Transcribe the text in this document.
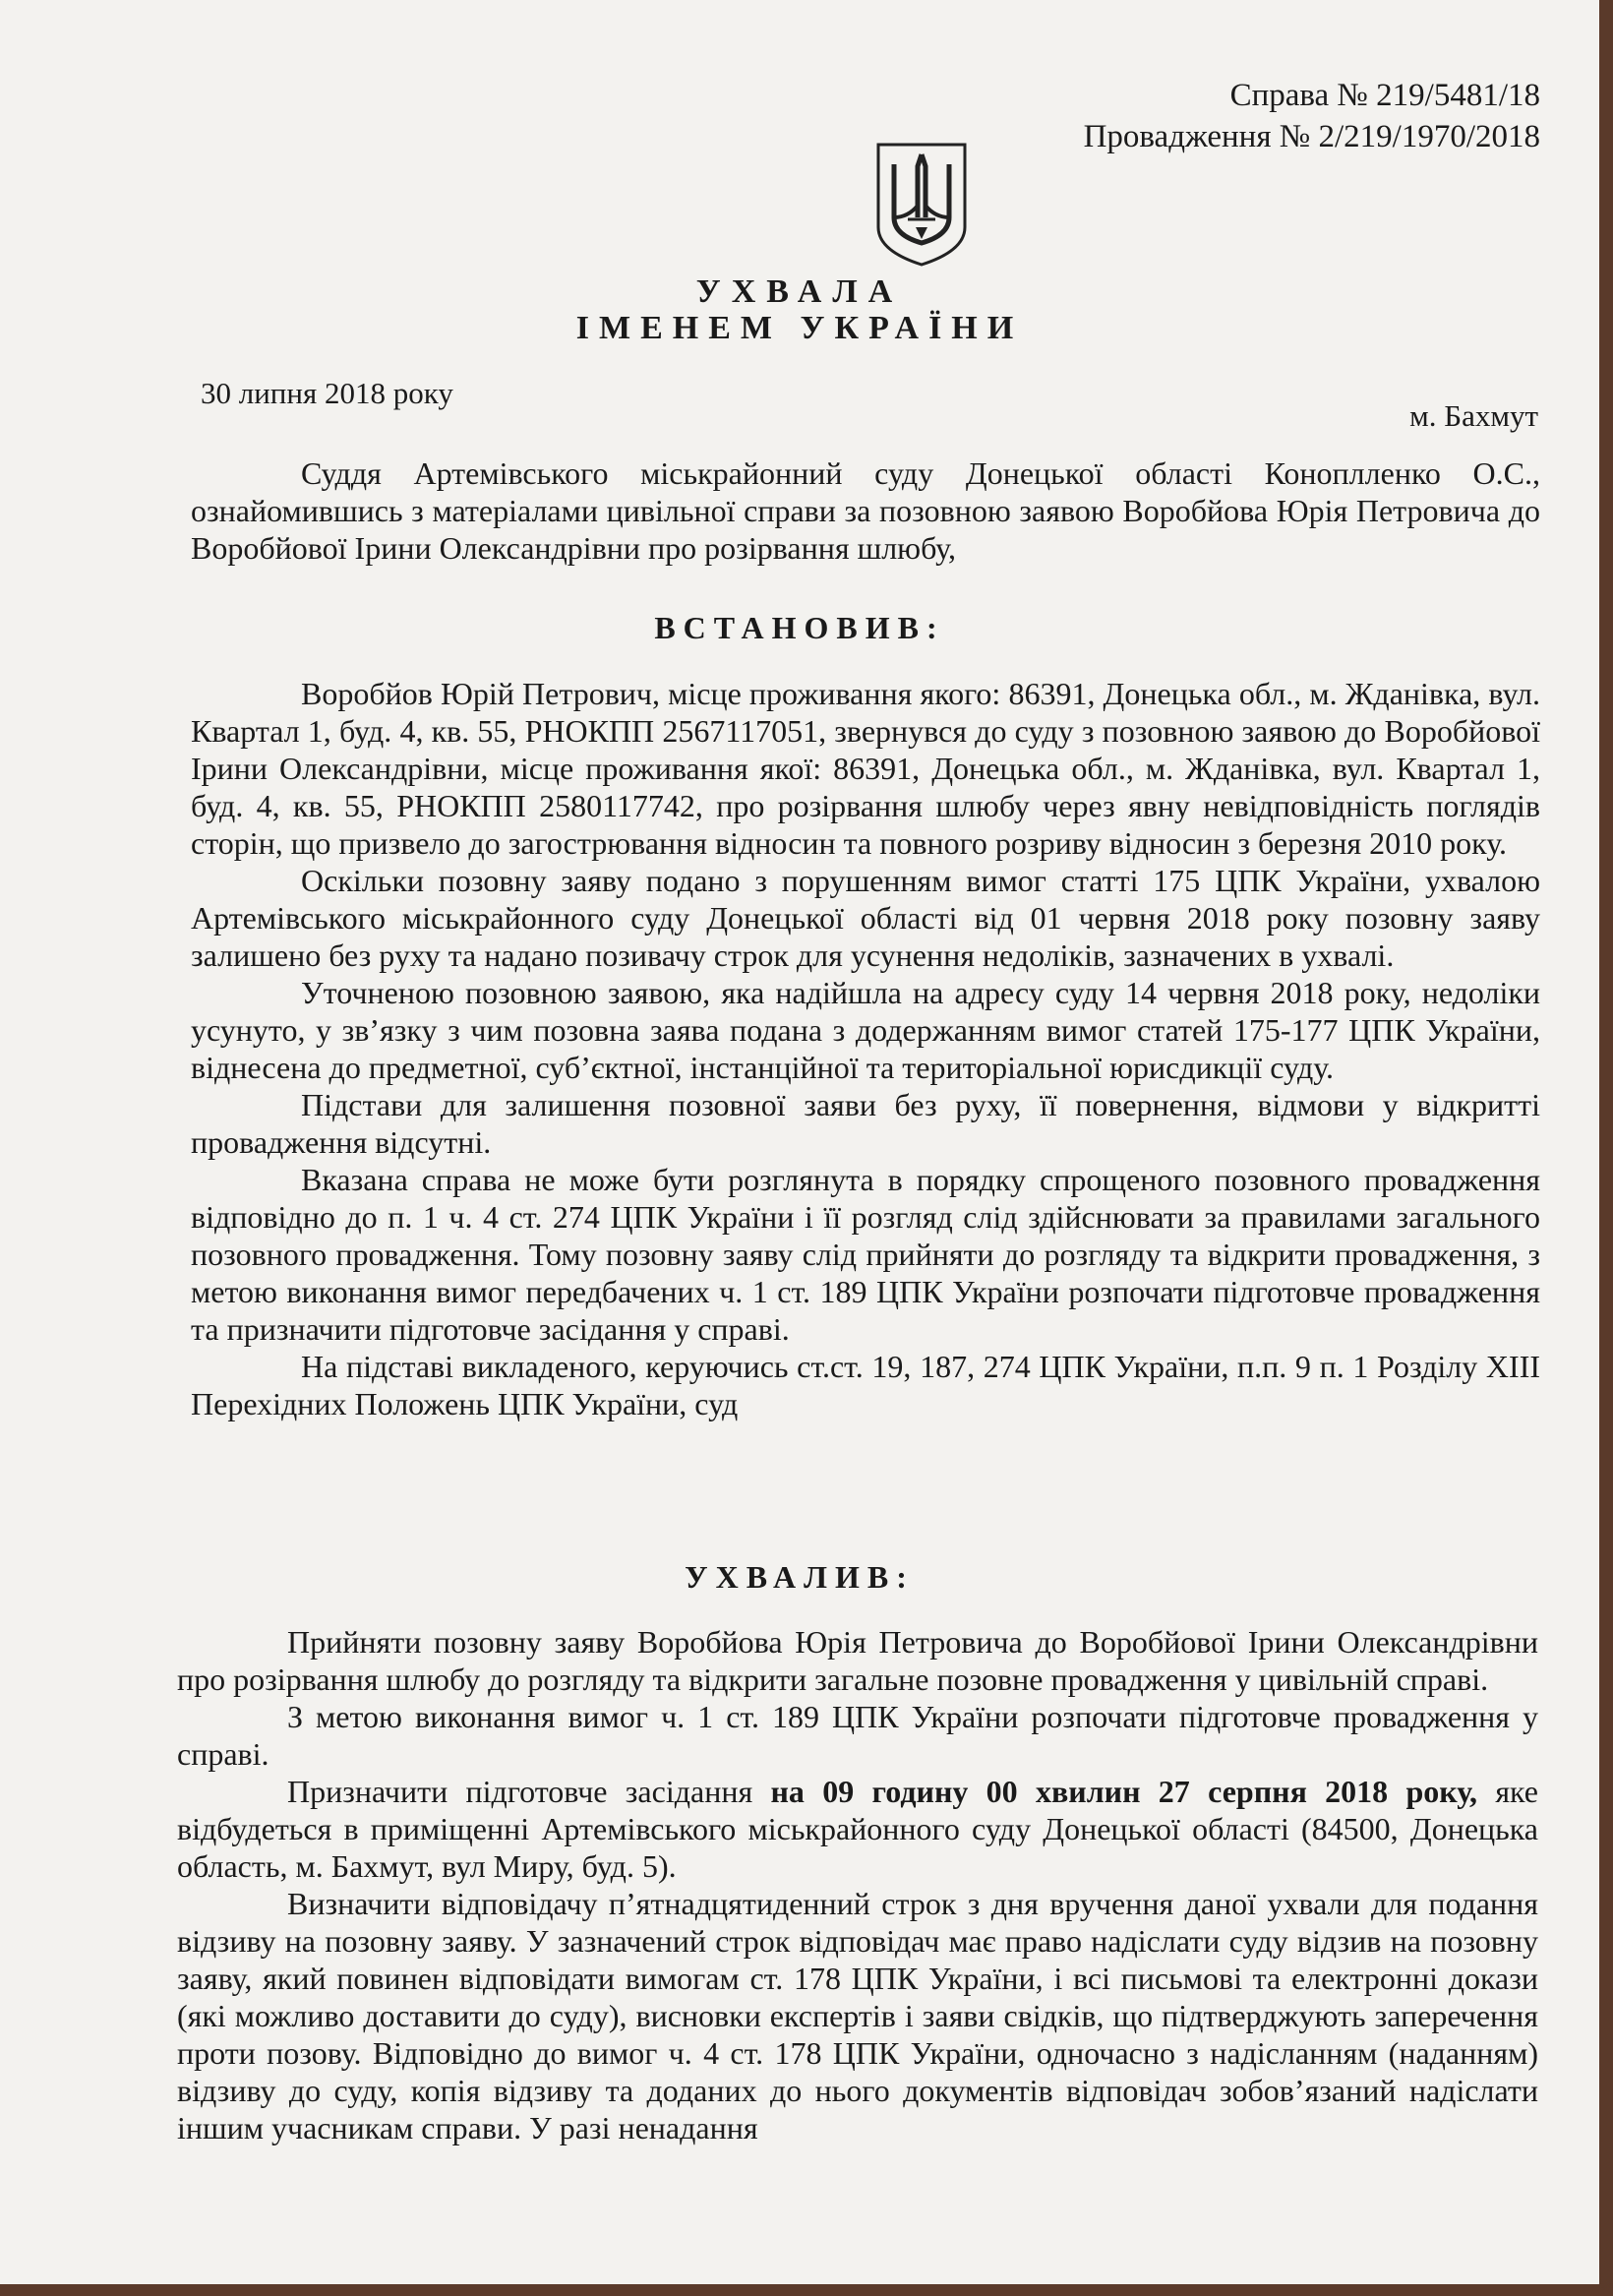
Справа № 219/5481/18
Провадження № 2/219/1970/2018
УХВАЛА
ІМЕНЕМ УКРАЇНИ
30 липня 2018 року
м. Бахмут

Суддя Артемівського міськрайонний суду Донецької області Коноплленко О.С., ознайомившись з матеріалами цивільної справи за позовною заявою Воробйова Юрія Петровича до Воробйової Ірини Олександрівни про розірвання шлюбу,

ВСТАНОВИВ:

Воробйов Юрій Петрович, місце проживання якого: 86391, Донецька обл., м. Жданівка, вул. Квартал 1, буд. 4, кв. 55, РНОКПП 2567117051, звернувся до суду з позовною заявою до Воробйової Ірини Олександрівни, місце проживання якої: 86391, Донецька обл., м. Жданівка, вул. Квартал 1, буд. 4, кв. 55, РНОКПП 2580117742, про розірвання шлюбу через явну невідповідність поглядів сторін, що призвело до загострювання відносин та повного розриву відносин з березня 2010 року.

Оскільки позовну заяву подано з порушенням вимог статті 175 ЦПК України, ухвалою Артемівського міськрайонного суду Донецької області від 01 червня 2018 року позовну заяву залишено без руху та надано позивачу строк для усунення недоліків, зазначених в ухвалі.

Уточненою позовною заявою, яка надійшла на адресу суду 14 червня 2018 року, недоліки усунуто, у зв’язку з чим позовна заява подана з додержанням вимог статей 175-177 ЦПК України, віднесена до предметної, суб’єктної, інстанційної та територіальної юрисдикції суду.

Підстави для залишення позовної заяви без руху, її повернення, відмови у відкритті провадження відсутні.

Вказана справа не може бути розглянута в порядку спрощеного позовного провадження відповідно до п. 1 ч. 4 ст. 274 ЦПК України і її розгляд слід здійснювати за правилами загального позовного провадження. Тому позовну заяву слід прийняти до розгляду та відкрити провадження, з метою виконання вимог передбачених ч. 1 ст. 189 ЦПК України розпочати підготовче провадження та призначити підготовче засідання у справі.

На підставі викладеного, керуючись ст.ст. 19, 187, 274 ЦПК України, п.п. 9 п. 1 Розділу XIII Перехідних Положень ЦПК України, суд

УХВАЛИВ:

Прийняти позовну заяву Воробйова Юрія Петровича до Воробйової Ірини Олександрівни про розірвання шлюбу до розгляду та відкрити загальне позовне провадження у цивільній справі.

З метою виконання вимог ч. 1 ст. 189 ЦПК України розпочати підготовче провадження у справі.

Призначити підготовче засідання на 09 годину 00 хвилин 27 серпня 2018 року, яке відбудеться в приміщенні Артемівського міськрайонного суду Донецької області (84500, Донецька область, м. Бахмут, вул Миру, буд. 5).

Визначити відповідачу п’ятнадцятиденний строк з дня вручення даної ухвали для подання відзиву на позовну заяву. У зазначений строк відповідач має право надіслати суду відзив на позовну заяву, який повинен відповідати вимогам ст. 178 ЦПК України, і всі письмові та електронні докази (які можливо доставити до суду), висновки експертів і заяви свідків, що підтверджують заперечення проти позову. Відповідно до вимог ч. 4 ст. 178 ЦПК України, одночасно з надісланням (наданням) відзиву до суду, копія відзиву та доданих до нього документів відповідач зобов’язаний надіслати іншим учасникам справи. У разі ненадання
